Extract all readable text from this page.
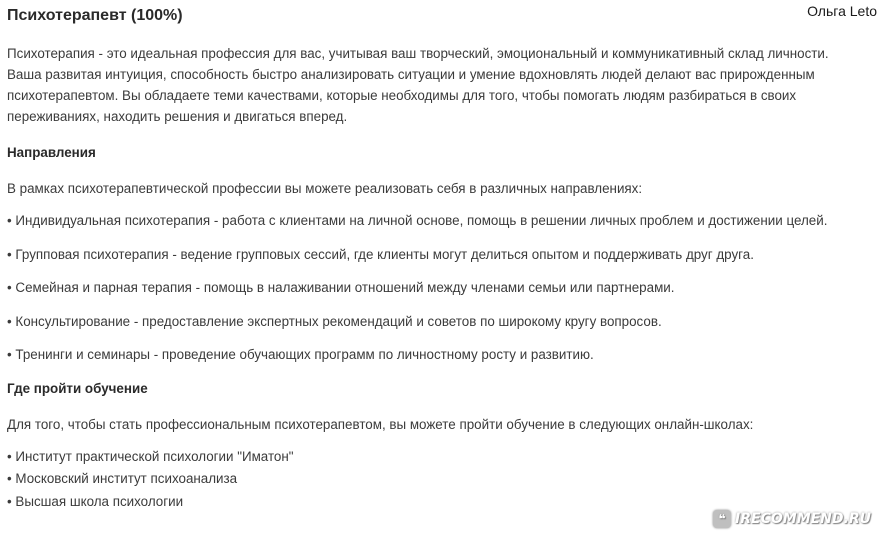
Ольга Leto
Психотерапевт (100%)

Психотерапия - это идеальная профессия для вас, учитывая ваш творческий, эмоциональный и коммуникативный склад личности. Ваша развитая интуиция, способность быстро анализировать ситуации и умение вдохновлять людей делают вас прирожденным психотерапевтом. Вы обладаете теми качествами, которые необходимы для того, чтобы помогать людям разбираться в своих переживаниях, находить решения и двигаться вперед.

Направления

В рамках психотерапевтической профессии вы можете реализовать себя в различных направлениях:

• Индивидуальная психотерапия - работа с клиентами на личной основе, помощь в решении личных проблем и достижении целей.
• Групповая психотерапия - ведение групповых сессий, где клиенты могут делиться опытом и поддерживать друг друга.
• Семейная и парная терапия - помощь в налаживании отношений между членами семьи или партнерами.
• Консультирование - предоставление экспертных рекомендаций и советов по широкому кругу вопросов.
• Тренинги и семинары - проведение обучающих программ по личностному росту и развитию.
Где пройти обучение

Для того, чтобы стать профессиональным психотерапевтом, вы можете пройти обучение в следующих онлайн-школах:

• Институт практической психологии "Иматон"
• Московский институт психоанализа
• Высшая школа психологии
❝ IRECOMMEND.RU
